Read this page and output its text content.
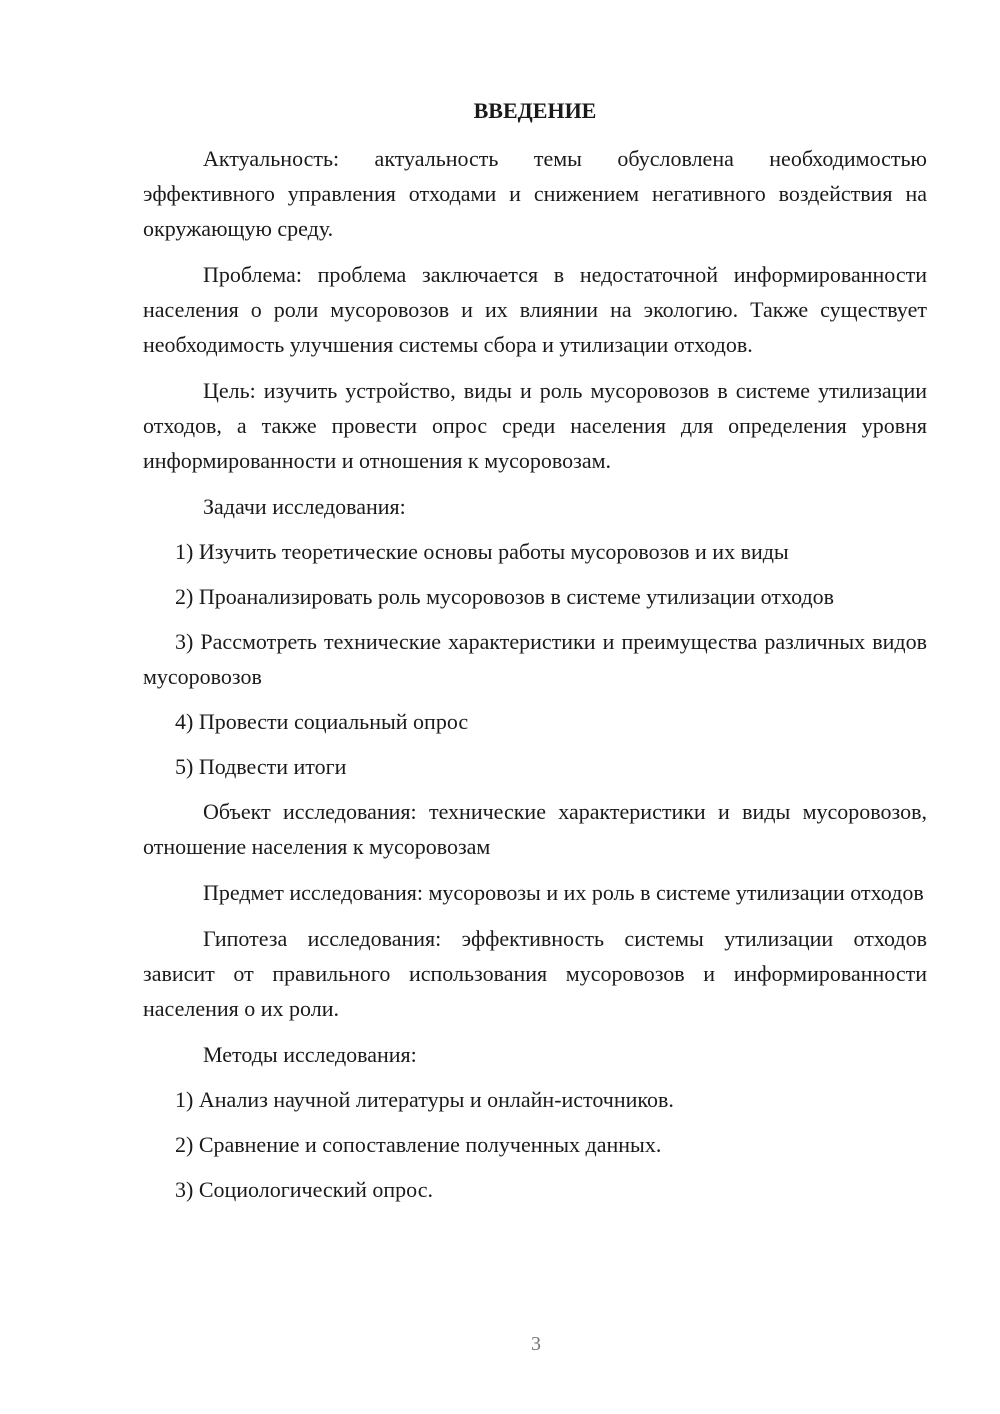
ВВЕДЕНИЕ

Актуальность: актуальность темы обусловлена необходимостью эффективного управления отходами и снижением негативного воздействия на окружающую среду.

Проблема: проблема заключается в недостаточной информированности населения о роли мусоровозов и их влиянии на экологию. Также существует необходимость улучшения системы сбора и утилизации отходов.

Цель: изучить устройство, виды и роль мусоровозов в системе утилизации отходов, а также провести опрос среди населения для определения уровня информированности и отношения к мусоровозам.

Задачи исследования:

1) Изучить теоретические основы работы мусоровозов и их виды

2) Проанализировать роль мусоровозов в системе утилизации отходов

3) Рассмотреть технические характеристики и преимущества различных видов мусоровозов

4) Провести социальный опрос

5) Подвести итоги

Объект исследования: технические характеристики и виды мусоровозов, отношение населения к мусоровозам

Предмет исследования: мусоровозы и их роль в системе утилизации отходов

Гипотеза исследования: эффективность системы утилизации отходов зависит от правильного использования мусоровозов и информированности населения о их роли.

Методы исследования:

1) Анализ научной литературы и онлайн-источников.

2) Сравнение и сопоставление полученных данных.

3) Социологический опрос.

3
